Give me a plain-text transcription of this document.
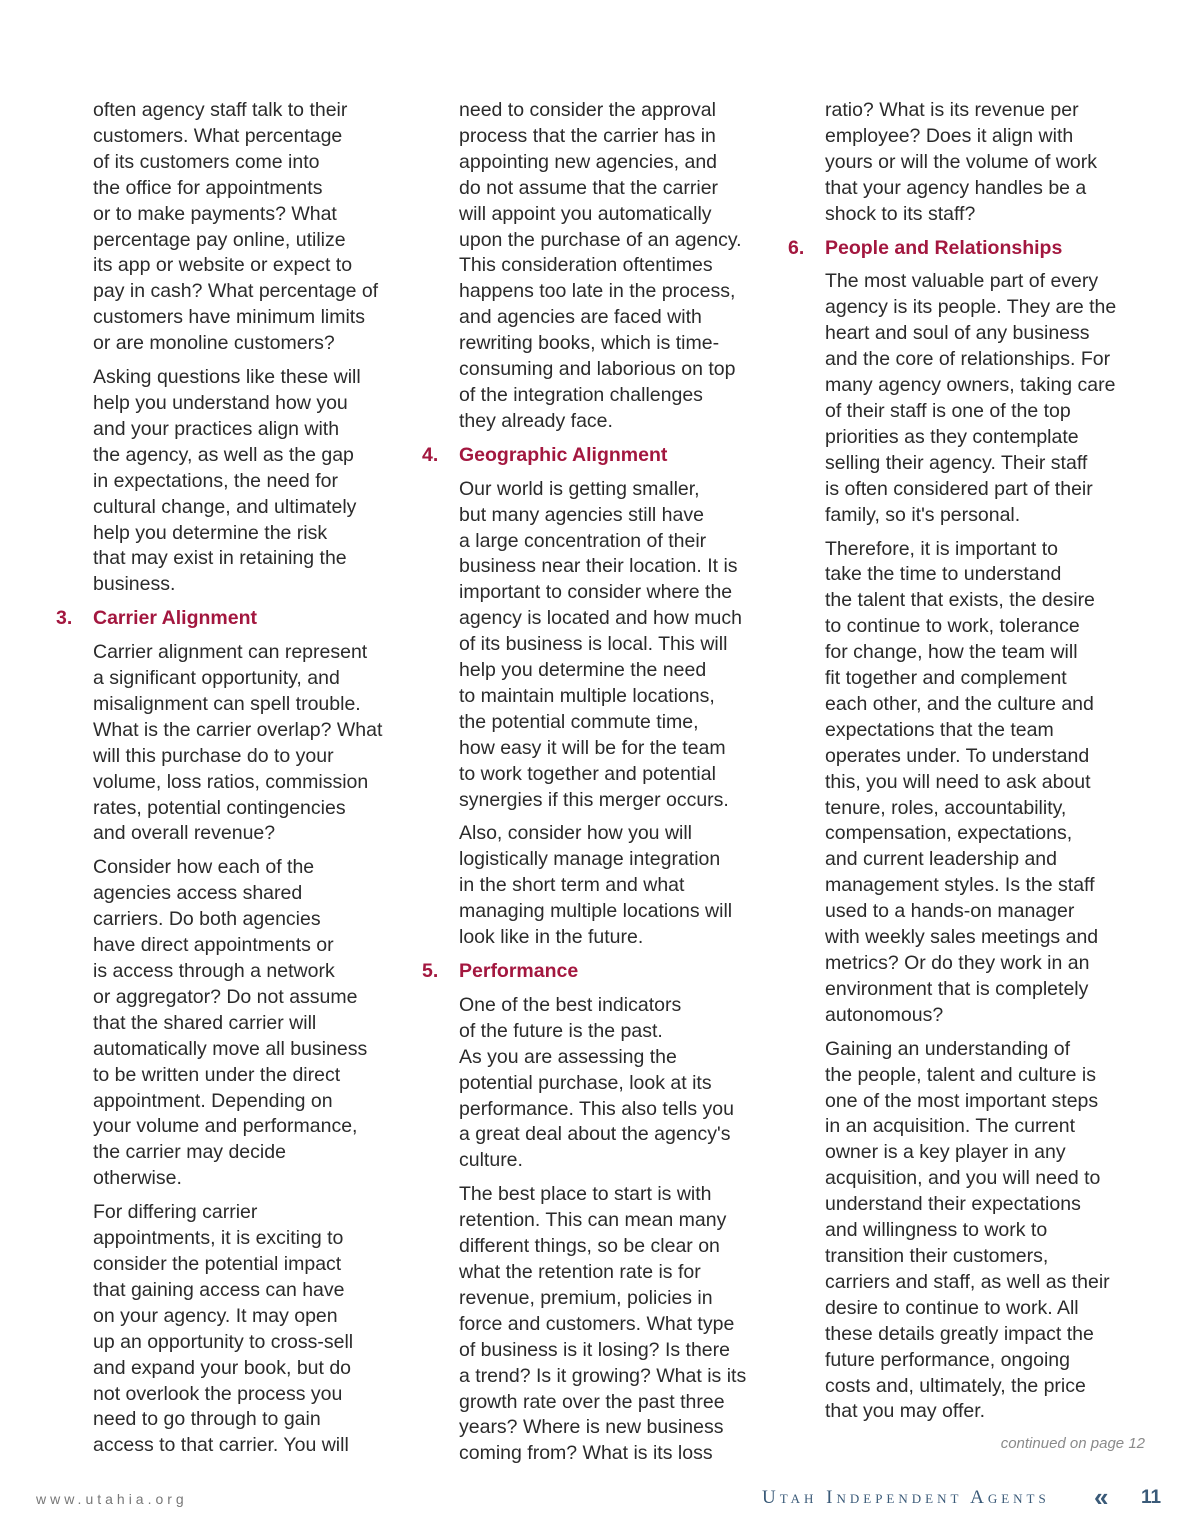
often agency staff talk to their
customers. What percentage
of its customers come into
the office for appointments
or to make payments? What
percentage pay online, utilize
its app or website or expect to
pay in cash? What percentage of
customers have minimum limits
or are monoline customers?

Asking questions like these will
help you understand how you
and your practices align with
the agency, as well as the gap
in expectations, the need for
cultural change, and ultimately
help you determine the risk
that may exist in retaining the
business.

3.	Carrier Alignment

Carrier alignment can represent
a significant opportunity, and
misalignment can spell trouble.
What is the carrier overlap? What
will this purchase do to your
volume, loss ratios, commission
rates, potential contingencies
and overall revenue?

Consider how each of the
agencies access shared
carriers. Do both agencies
have direct appointments or
is access through a network
or aggregator? Do not assume
that the shared carrier will
automatically move all business
to be written under the direct
appointment. Depending on
your volume and performance,
the carrier may decide
otherwise.

For differing carrier
appointments, it is exciting to
consider the potential impact
that gaining access can have
on your agency. It may open
up an opportunity to cross-sell
and expand your book, but do
not overlook the process you
need to go through to gain
access to that carrier. You will

need to consider the approval
process that the carrier has in
appointing new agencies, and
do not assume that the carrier
will appoint you automatically
upon the purchase of an agency.
This consideration oftentimes
happens too late in the process,
and agencies are faced with
rewriting books, which is time-
consuming and laborious on top
of the integration challenges
they already face.

4.	Geographic Alignment

Our world is getting smaller,
but many agencies still have
a large concentration of their
business near their location. It is
important to consider where the
agency is located and how much
of its business is local. This will
help you determine the need
to maintain multiple locations,
the potential commute time,
how easy it will be for the team
to work together and potential
synergies if this merger occurs.

Also, consider how you will
logistically manage integration
in the short term and what
managing multiple locations will
look like in the future.

5.	Performance

One of the best indicators
of the future is the past.
As you are assessing the
potential purchase, look at its
performance. This also tells you
a great deal about the agency's
culture.

The best place to start is with
retention. This can mean many
different things, so be clear on
what the retention rate is for
revenue, premium, policies in
force and customers. What type
of business is it losing? Is there
a trend? Is it growing? What is its
growth rate over the past three
years? Where is new business
coming from? What is its loss

ratio? What is its revenue per
employee? Does it align with
yours or will the volume of work
that your agency handles be a
shock to its staff?

6.	People and Relationships

The most valuable part of every
agency is its people. They are the
heart and soul of any business
and the core of relationships. For
many agency owners, taking care
of their staff is one of the top
priorities as they contemplate
selling their agency. Their staff
is often considered part of their
family, so it's personal.

Therefore, it is important to
take the time to understand
the talent that exists, the desire
to continue to work, tolerance
for change, how the team will
fit together and complement
each other, and the culture and
expectations that the team
operates under. To understand
this, you will need to ask about
tenure, roles, accountability,
compensation, expectations,
and current leadership and
management styles. Is the staff
used to a hands-on manager
with weekly sales meetings and
metrics? Or do they work in an
environment that is completely
autonomous?

Gaining an understanding of
the people, talent and culture is
one of the most important steps
in an acquisition. The current
owner is a key player in any
acquisition, and you will need to
understand their expectations
and willingness to work to
transition their customers,
carriers and staff, as well as their
desire to continue to work. All
these details greatly impact the
future performance, ongoing
costs and, ultimately, the price
that you may offer.

continued on page 12
www.utahia.org	Utah Independent Agents « 11
